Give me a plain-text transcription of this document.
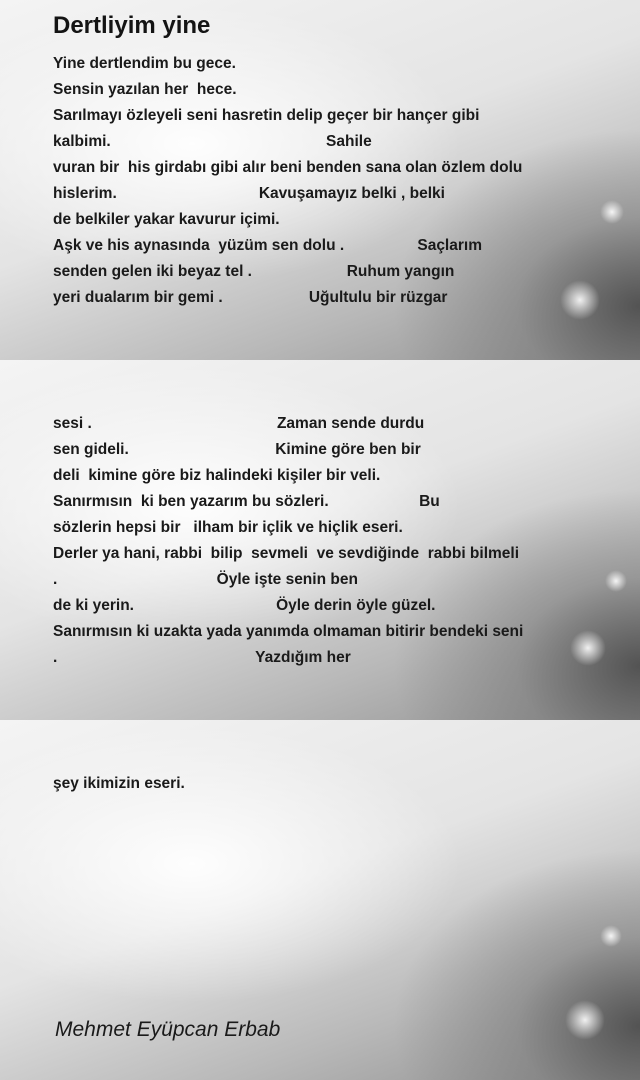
Dertliyim yine
Yine dertlendim bu gece.
Sensin yazılan her  hece.
Sarılmayı özleyeli seni hasretin delip geçer bir hançer gibi
kalbimi.                                                  Sahile
vuran bir  his girdabı gibi alır beni benden sana olan özlem dolu
hislerim.                                 Kavuşamayız belki , belki
de belkiler yakar kavurur içimi.
Aşk ve his aynasında  yüzüm sen dolu .                 Saçlarım
senden gelen iki beyaz tel .                      Ruhum yangın
yeri dualarım bir gemi .                    Uğultulu bir rüzgar
sesi .                                           Zaman sende durdu
sen gideli.                                  Kimine göre ben bir
deli  kimine göre biz halindeki kişiler bir veli.
Sanırmısın  ki ben yazarım bu sözleri.                     Bu
sözlerin hepsi bir   ilham bir içlik ve hiçlik eseri.
Derler ya hani, rabbi  bilip  sevmeli  ve sevdiğinde  rabbi bilmeli
.                                     Öyle işte senin ben
de ki yerin.                                 Öyle derin öyle güzel.
Sanırmısın ki uzakta yada yanımda olmaman bitirir bendeki seni
.                                              Yazdığım her
şey ikimizin eseri.
Mehmet Eyüpcan Erbab
